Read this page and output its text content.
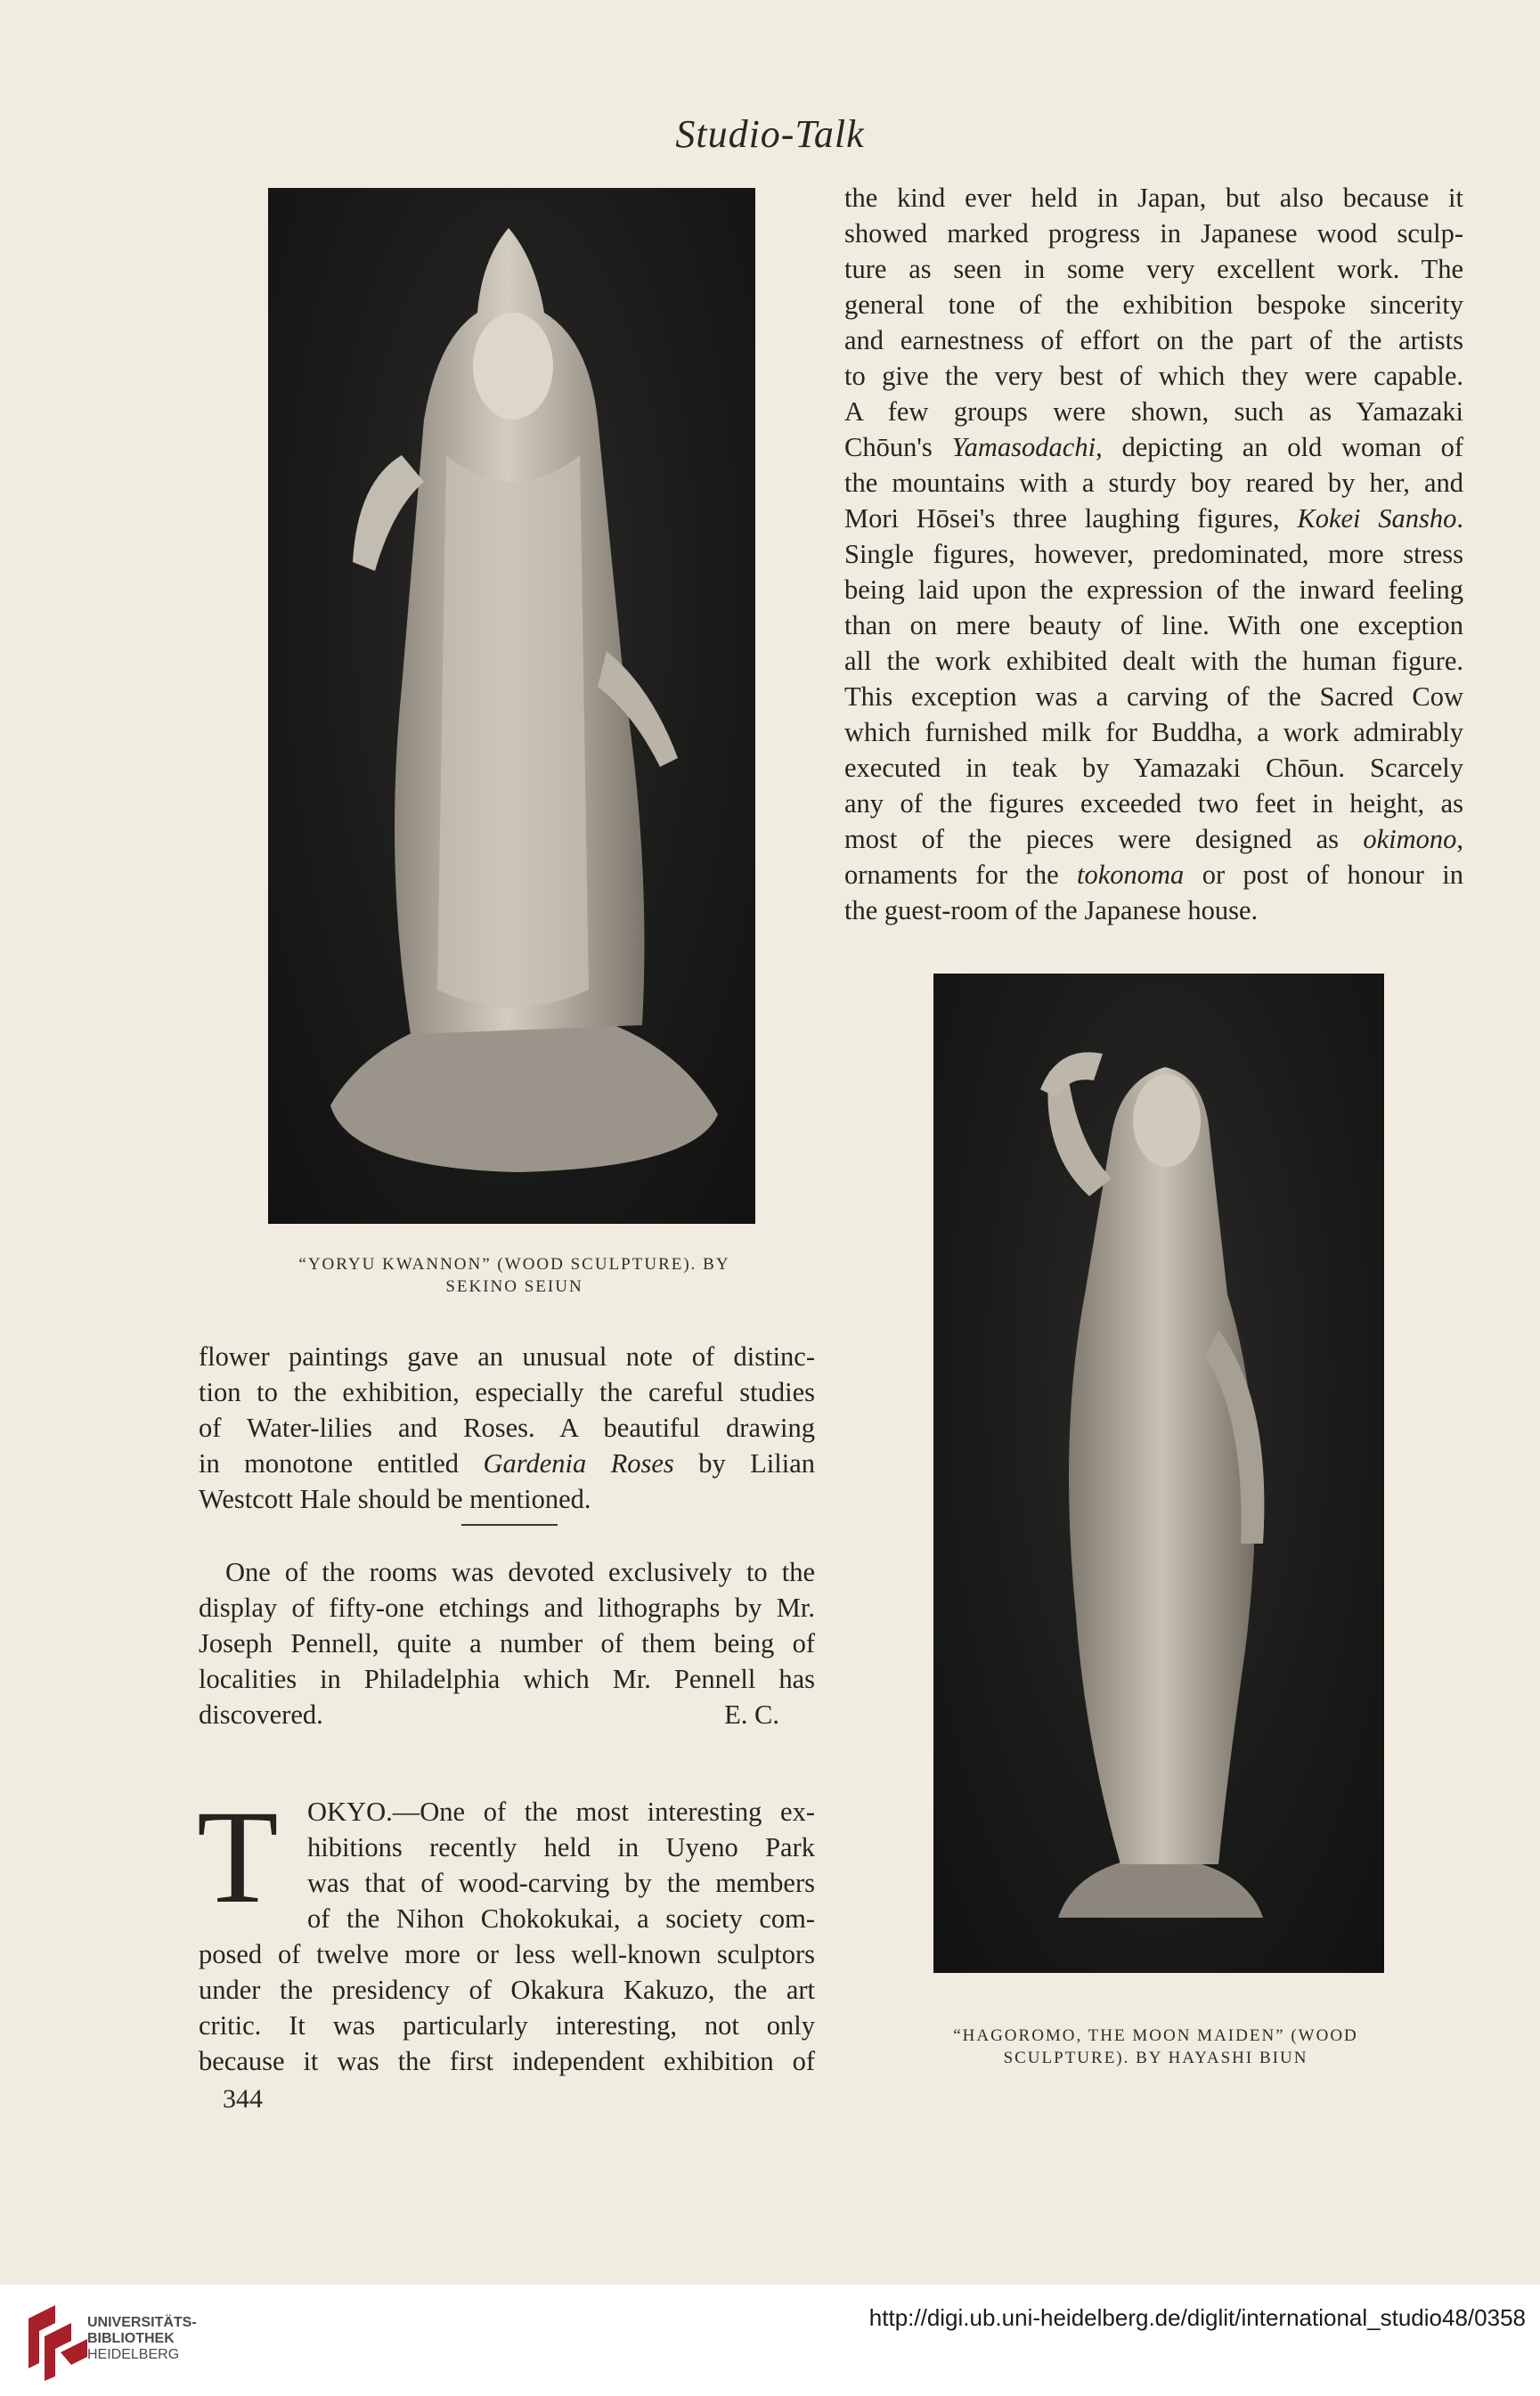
Studio-Talk
“YORYU KWANNON” (WOOD SCULPTURE). BY
SEKINO SEIUN
the kind ever held in Japan, but also because it
showed marked progress in Japanese wood sculp-
ture as seen in some very excellent work. The
general tone of the exhibition bespoke sincerity
and earnestness of effort on the part of the artists
to give the very best of which they were capable.
A few groups were shown, such as Yamazaki
Chōun's Yamasodachi, depicting an old woman of
the mountains with a sturdy boy reared by her, and
Mori Hōsei's three laughing figures, Kokei Sansho.
Single figures, however, predominated, more stress
being laid upon the expression of the inward feeling
than on mere beauty of line. With one exception
all the work exhibited dealt with the human figure.
This exception was a carving of the Sacred Cow
which furnished milk for Buddha, a work admirably
executed in teak by Yamazaki Chōun. Scarcely
any of the figures exceeded two feet in height, as
most of the pieces were designed as okimono,
ornaments for the tokonoma or post of honour in
the guest-room of the Japanese house.
“HAGOROMO, THE MOON MAIDEN” (WOOD
SCULPTURE). BY HAYASHI BIUN
flower paintings gave an unusual note of distinc-
tion to the exhibition, especially the careful studies
of Water-lilies and Roses. A beautiful drawing
in monotone entitled Gardenia Roses by Lilian
Westcott Hale should be mentioned.
One of the rooms was devoted exclusively to the
display of fifty-one etchings and lithographs by Mr.
Joseph Pennell, quite a number of them being of
localities in Philadelphia which Mr. Pennell has
discovered.	E. C.
T OKYO.—One of the most interesting ex-
hibitions recently held in Uyeno Park
was that of wood-carving by the members
of the Nihon Chokokukai, a society com-
posed of twelve more or less well-known sculptors
under the presidency of Okakura Kakuzo, the art
critic. It was particularly interesting, not only
because it was the first independent exhibition of
344
UNIVERSITÄTS-
BIBLIOTHEK
HEIDELBERG
http://digi.ub.uni-heidelberg.de/diglit/international_studio48/0358
